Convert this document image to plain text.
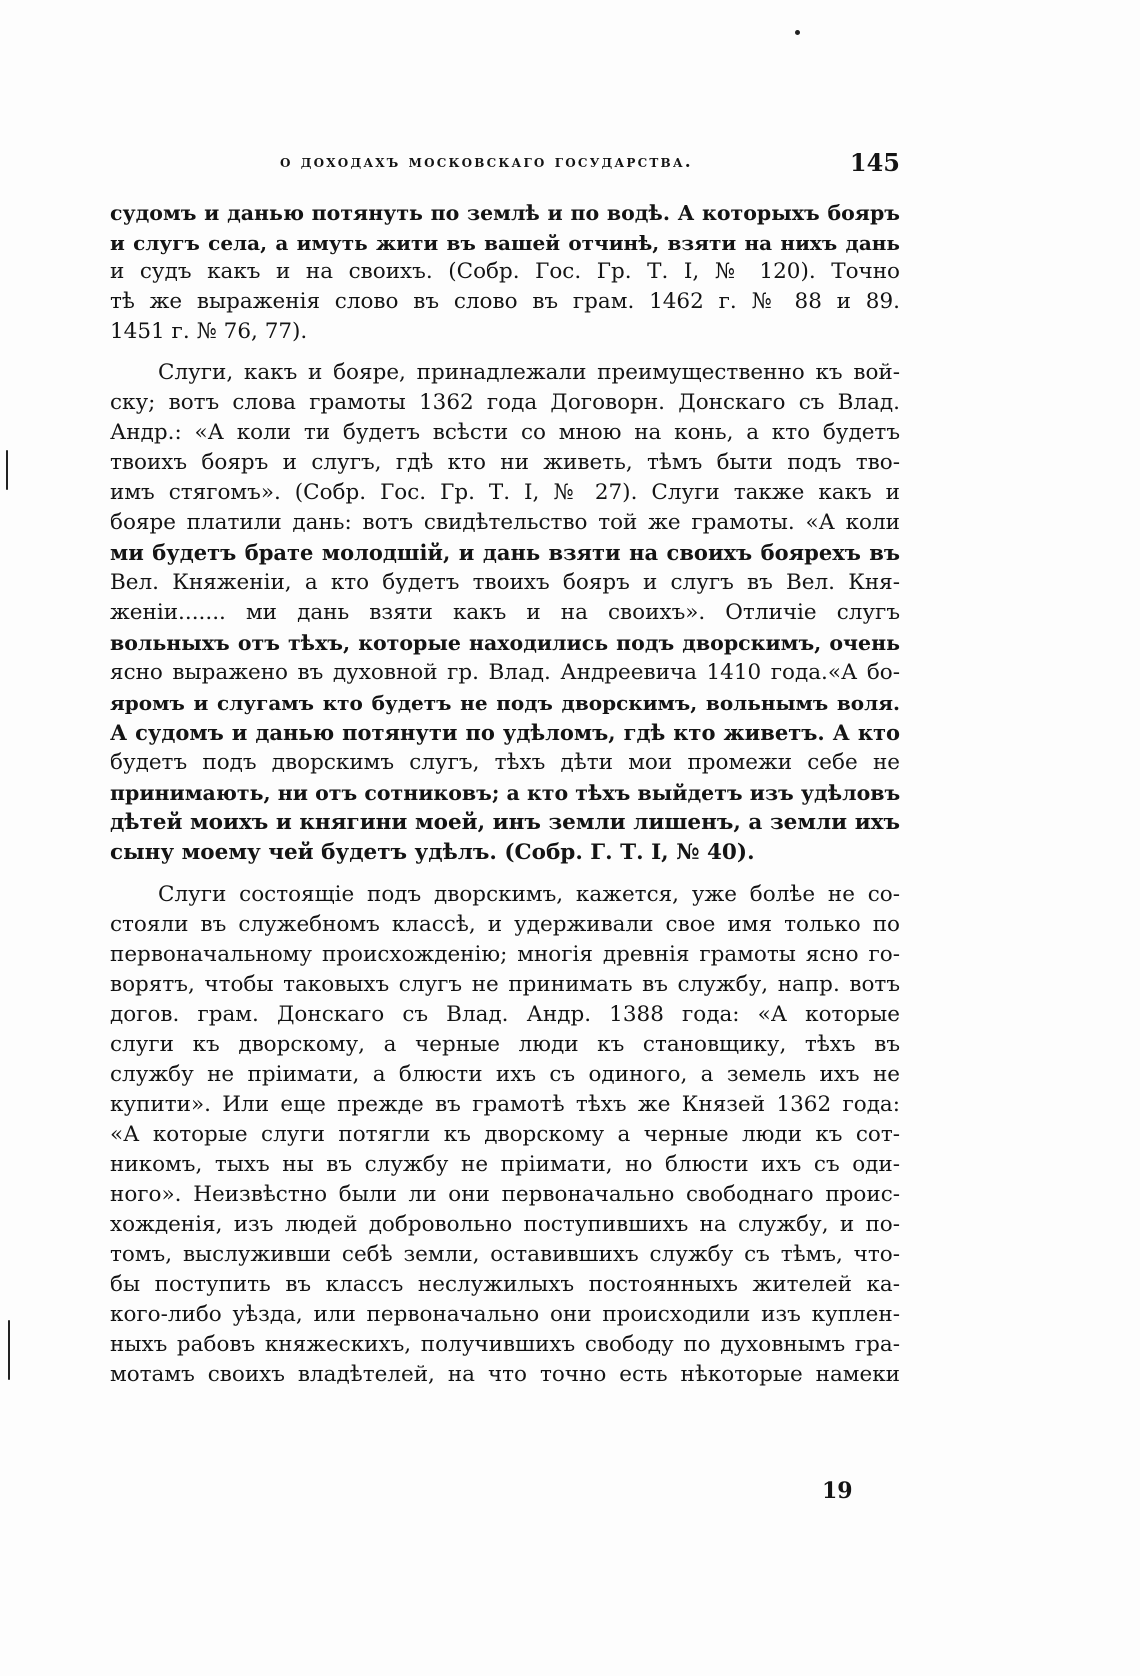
о доходахъ московскаго государства.	145
судомъ и данью потянуть по землѣ и по водѣ. А которыхъ бояръ
и слугъ села, а имуть жити въ вашей отчинѣ, взяти на нихъ дань
и судъ какъ и на своихъ. (Собр. Гос. Гр. Т. I, № 120). Точно
тѣ же выраженія слово въ слово въ грам. 1462 г. № 88 и 89.
1451 г. № 76, 77).
Слуги, какъ и бояре, принадлежали преимущественно къ вой-
ску; вотъ слова грамоты 1362 года Договорн. Донскаго съ Влад.
Андр.: «А коли ти будетъ всѣсти со мною на конь, а кто будетъ
твоихъ бояръ и слугъ, гдѣ кто ни живеть, тѣмъ быти подъ тво-
имъ стягомъ». (Собр. Гос. Гр. Т. I, № 27). Слуги также какъ и
бояре платили дань: вотъ свидѣтельство той же грамоты. «А коли
ми будетъ брате молодшій, и дань взяти на своихъ боярехъ въ
Вел. Княженіи, а кто будетъ твоихъ бояръ и слугъ въ Вел. Кня-
женіи....... ми дань взяти какъ и на своихъ». Отличіе слугъ
вольныхъ отъ тѣхъ, которые находились подъ дворскимъ, очень
ясно выражено въ духовной гр. Влад. Андреевича 1410 года.«А бо-
яромъ и слугамъ кто будетъ не подъ дворскимъ, вольнымъ воля.
А судомъ и данью потянути по удѣломъ, гдѣ кто живетъ. А кто
будетъ подъ дворскимъ слугъ, тѣхъ дѣти мои промежи себе не
принимають, ни отъ сотниковъ; а кто тѣхъ выйдетъ изъ удѣловъ
дѣтей моихъ и княгини моей, инъ земли лишенъ, а земли ихъ
сыну моему чей будетъ удѣлъ. (Собр. Г. Т. I, № 40).
Слуги состоящіе подъ дворскимъ, кажется, уже болѣе не со-
стояли въ служебномъ классѣ, и удерживали свое имя только по
первоначальному происхожденію; многія древнія грамоты ясно го-
ворятъ, чтобы таковыхъ слугъ не принимать въ службу, напр. вотъ
догов. грам. Донскаго съ Влад. Андр. 1388 года: «А которые
слуги къ дворскому, а черные люди къ становщику, тѣхъ въ
службу не пріимати, а блюсти ихъ съ одиного, а земель ихъ не
купити». Или еще прежде въ грамотѣ тѣхъ же Князей 1362 года:
«А которые слуги потягли къ дворскому а черные люди къ сот-
никомъ, тыхъ ны въ службу не пріимати, но блюсти ихъ съ оди-
ного». Неизвѣстно были ли они первоначально свободнаго проис-
хожденія, изъ людей добровольно поступившихъ на службу, и по-
томъ, выслуживши себѣ земли, оставившихъ службу съ тѣмъ, что-
бы поступить въ классъ неслужилыхъ постоянныхъ жителей ка-
кого-либо уѣзда, или первоначально они происходили изъ куплен-
ныхъ рабовъ княжескихъ, получившихъ свободу по духовнымъ гра-
мотамъ своихъ владѣтелей, на что точно есть нѣкоторые намеки
19
